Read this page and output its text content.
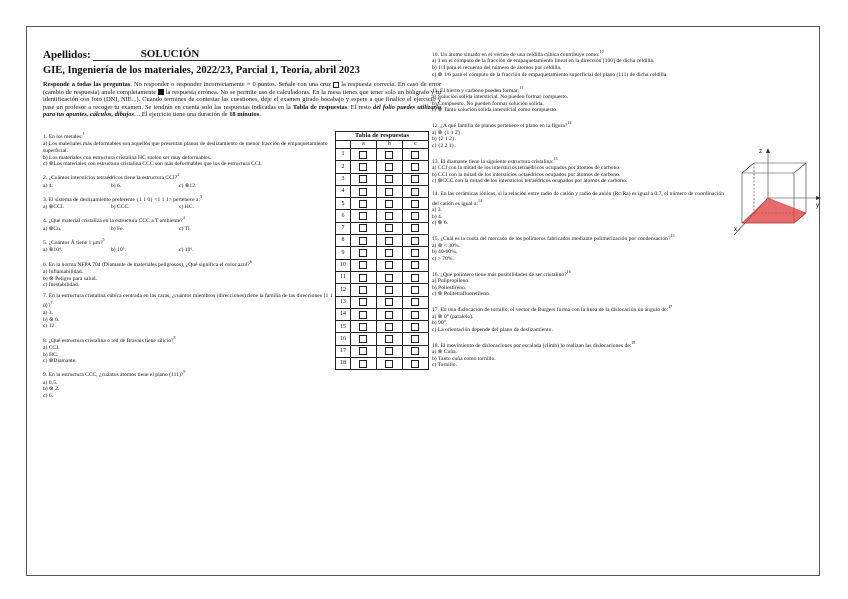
Apellidos :	SOLUCIÓN
GIE, Ingeniería de los materiales, 2022/23, Parcial 1, Teoría, abril 2023
Responde a todas las preguntas. No responder o responder incorrectamente = 0 puntos. Señale con una cruz ☒ la respuesta correcta. En caso de error (cambio de respuesta) anule completamente  la respuesta errónea. No se permite uso de calculadoras. En la mesa tienes que tener solo un bolígrafo y tu identificación con foto (DNI, NIE...). Cuando termines de contestar las cuestiones, deje el examen girado bocabajo y espere a que finalice el ejercicio y pase un profesor a recoger tu examen. Se tendrán en cuenta solo las respuestas indicadas en la Tabla de respuestas. El resto del folio puedes utilizarlo para tus apuntes, cálculos, dibujos… El ejercicio tiene una duración de 18 minutos.
1. En los metales:$^1$
a) Los materiales más deformables son aquellos que presentan planos de deslizamiento de menor fracción de empaquetamiento superficial.
b) Los materiales con estructura cristalina HC suelen ser muy deformables.
c) ⊗Los materiales con estructura cristalina CCC son más deformables que los de estructura CCI.
2. ¿Cuántos intersticios tetraédricos tiene la estructura CCI?$^2$
a) 4.	b) 6.	c) ⊗12.
3. El sistema de deslizamiento preferente {1 1 0} <1 1 1> pertenece a:$^3$
a) ⊗CCI.	b) CCC.	c) HC.
4. ¿Qué material cristaliza en la estructura CCC a T ambiente?$^4$
a) ⊗Cu.	b) Fe.	c) Ti.
5. ¿Cuántos Å tiene 1 μm?$^5$
a) ⊗10⁴.	b) 10⁵.	c) 10⁶.
6. En la norma NFPA 704 (Diamante de materiales peligrosos), ¿Qué significa el color azul?$^6$
a) Inflamabilidad.
b) ⊗ Peligro para salud.
c) Inestabilidad.
7. En la estructura cristalina cúbica centrada en las caras, ¿cuántos miembros (direcciones) tiene la familia de las direcciones ⟨1 1 0⟩?$^7$
a) 3.
b) ⊗ 6.
c) 12.
8. ¿Qué estructura cristalina o red de Bravais tiene silicio?$^8$
a) CCI.
b) HC.
c) ⊗Diamante.
9. En la estructura CCC, ¿cuántos átomos tiene el plano (111)?$^9$
a) 0,5.
b) ⊗ 2.
c) 6.
Tabla de respuestas			
	a	b	c
1			
2			
3			
4			
5			
6			
7			
8			
9			
10			
11			
12			
13			
14			
15			
16			
17			
18			
10. Un átomo situado en el vértice de una celdilla cúbica contribuye como:$^{10}$
a) 1 en el cómputo de la fracción de empaquetamiento lineal en la dirección [100] de dicha celdilla.
b) 1/4 para el recuento del número de átomos por celdilla.
c) ⊗ 1/6 para el cómputo de la fracción de empaquetamiento superficial del plano (111) de dicha celdilla.
11. El hierro y carbono pueden formar:$^{11}$
a) Solución sólida intersticial. No pueden formar compuesto.
b) Compuesto. No pueden formar solución sólida.
c) ⊗ Tanto solución sólida intersticial como compuesto.
12. ¿A qué familia de planos pertenece el plano en la figura?$^{12}$
a) ⊗ {1 1 2̄}.
b) {2 1 2}.
c) {2 2 1}.
13. El diamante tiene la siguiente estructura cristalina:$^{13}$
a) CCI con la mitad de los intersticios tetraédricos ocupados por átomos de carbono.
b) CCI con la mitad de los intersticios octaédricos ocupados por átomos de carbono.
c) ⊗CCC con la mitad de los intersticios tetraédricos ocupados por átomos de carbono.
14. En las cerámicas iónicas, si la relación entre radio de catión y radio de anión (Rc/Ra) es igual a 0.7, el número de coordinación del catión es igual a:$^{14}$
a) 3.
b) 4.
c) ⊗ 6.
15. ¿Cuál es la cuota del mercado de los polímeros fabricados mediante polimerización por condensación?$^{15}$
a) ⊗ < 30%.
b) 40-60%.
c) > 70%.
16. ¿Qué polímero tiene más posibilidades de ser cristalino?$^{16}$
a) Polipropileno.
b) Poliestireno.
c) ⊗ Politetrafluoretileno.
17. En una dislocación de tornillo, el vector de Burgers forma con la línea de la dislocación un ángulo de:$^{17}$
a) ⊗ 0° (paralelo).
b) 90°.
c) La orientación depende del plano de deslizamiento.
18. El movimiento de dislocaciones por escalada (climb) lo realizan las dislocaciones de:$^{18}$
a) ⊗ Cuña.
b) Tanto cuña como tornillo.
c) Tornillo.
z
y
x
